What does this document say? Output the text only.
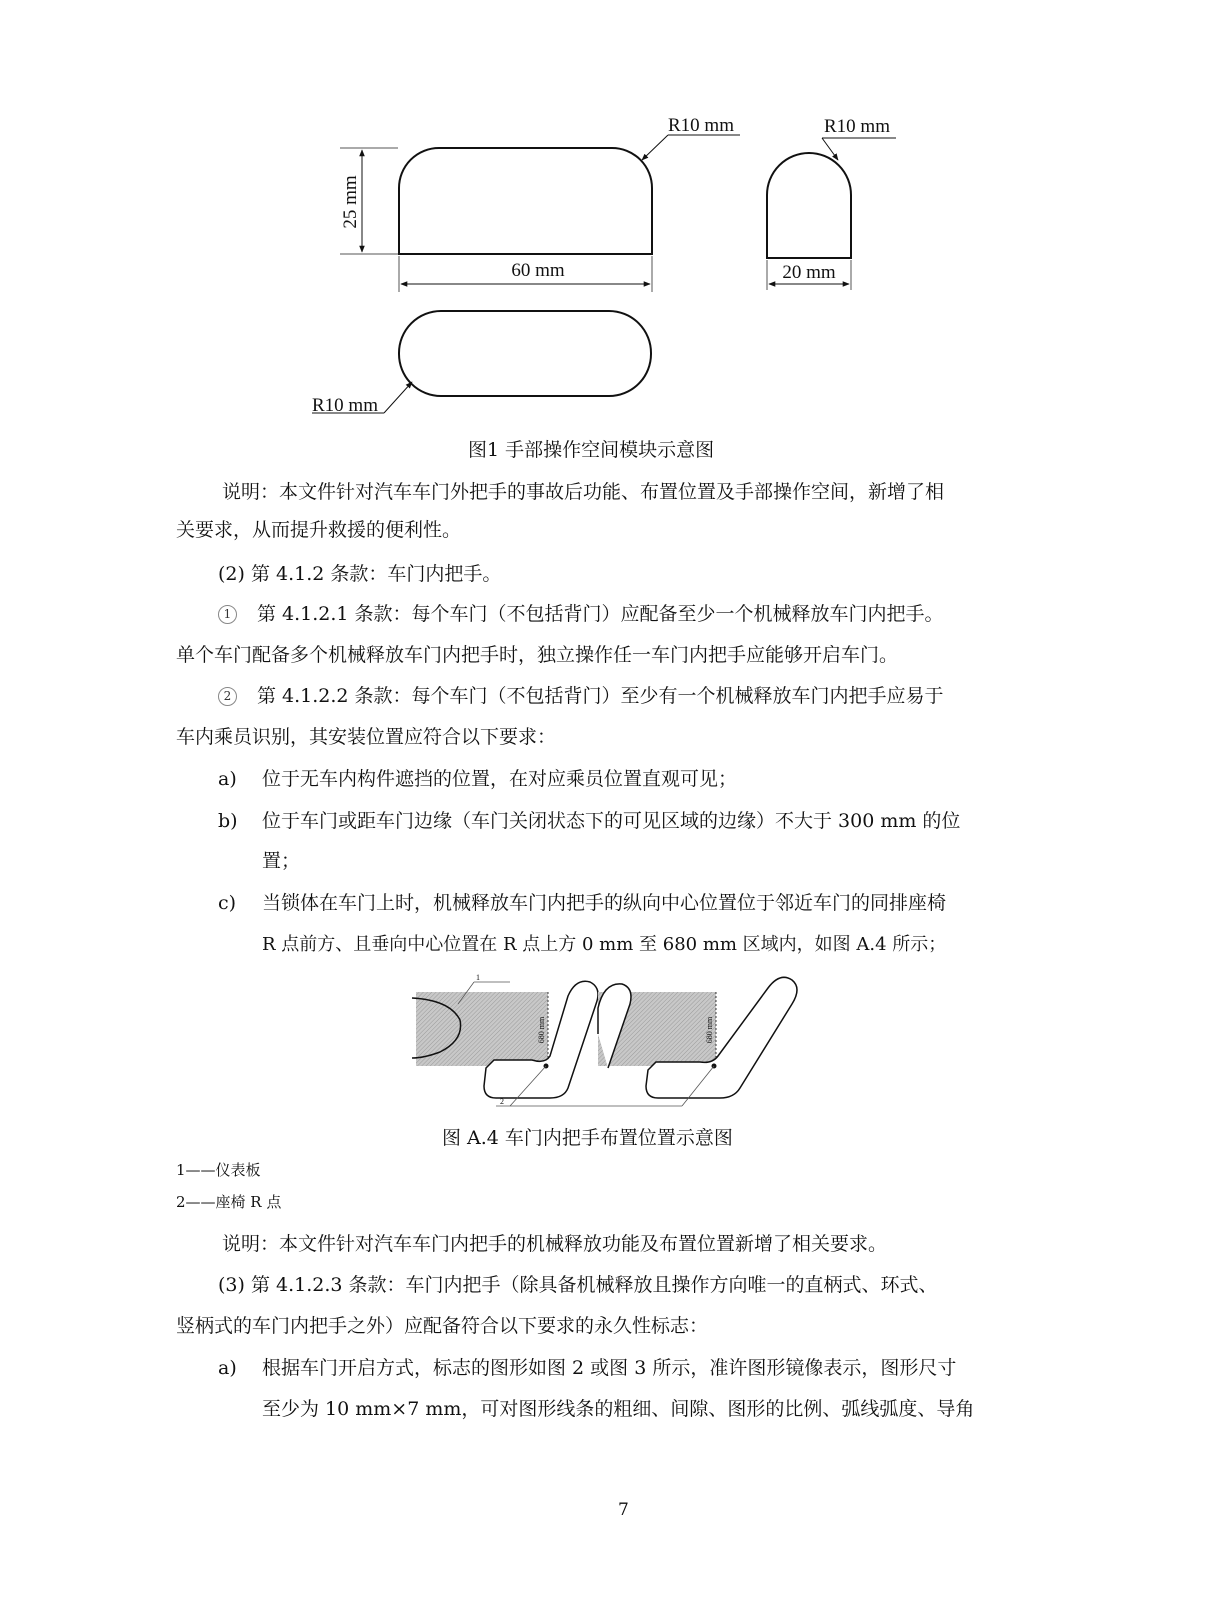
25 mm
60 mm
R10 mm
20 mm
R10 mm
R10 mm
图1 手部操作空间模块示意图
说明：本文件针对汽车车门外把手的事故后功能、布置位置及手部操作空间，新增了相
关要求，从而提升救援的便利性。
(2) 第 4.1.2 条款：车门内把手。
1 第 4.1.2.1 条款：每个车门（不包括背门）应配备至少一个机械释放车门内把手。
单个车门配备多个机械释放车门内把手时，独立操作任一车门内把手应能够开启车门。
2 第 4.1.2.2 条款：每个车门（不包括背门）至少有一个机械释放车门内把手应易于
车内乘员识别，其安装位置应符合以下要求：
a) 位于无车内构件遮挡的位置，在对应乘员位置直观可见；
b) 位于车门或距车门边缘（车门关闭状态下的可见区域的边缘）不大于 300 mm 的位
置；
c) 当锁体在车门上时，机械释放车门内把手的纵向中心位置位于邻近车门的同排座椅
R 点前方、且垂向中心位置在 R 点上方 0 mm 至 680 mm 区域内，如图 A.4 所示；
1
680 mm	680 mm
2
图 A.4 车门内把手布置位置示意图
1——仪表板
2——座椅 R 点
说明：本文件针对汽车车门内把手的机械释放功能及布置位置新增了相关要求。
(3) 第 4.1.2.3 条款：车门内把手（除具备机械释放且操作方向唯一的直柄式、环式、
竖柄式的车门内把手之外）应配备符合以下要求的永久性标志：
a) 根据车门开启方式，标志的图形如图 2 或图 3 所示，准许图形镜像表示，图形尺寸
至少为 10 mm×7 mm，可对图形线条的粗细、间隙、图形的比例、弧线弧度、导角
7
